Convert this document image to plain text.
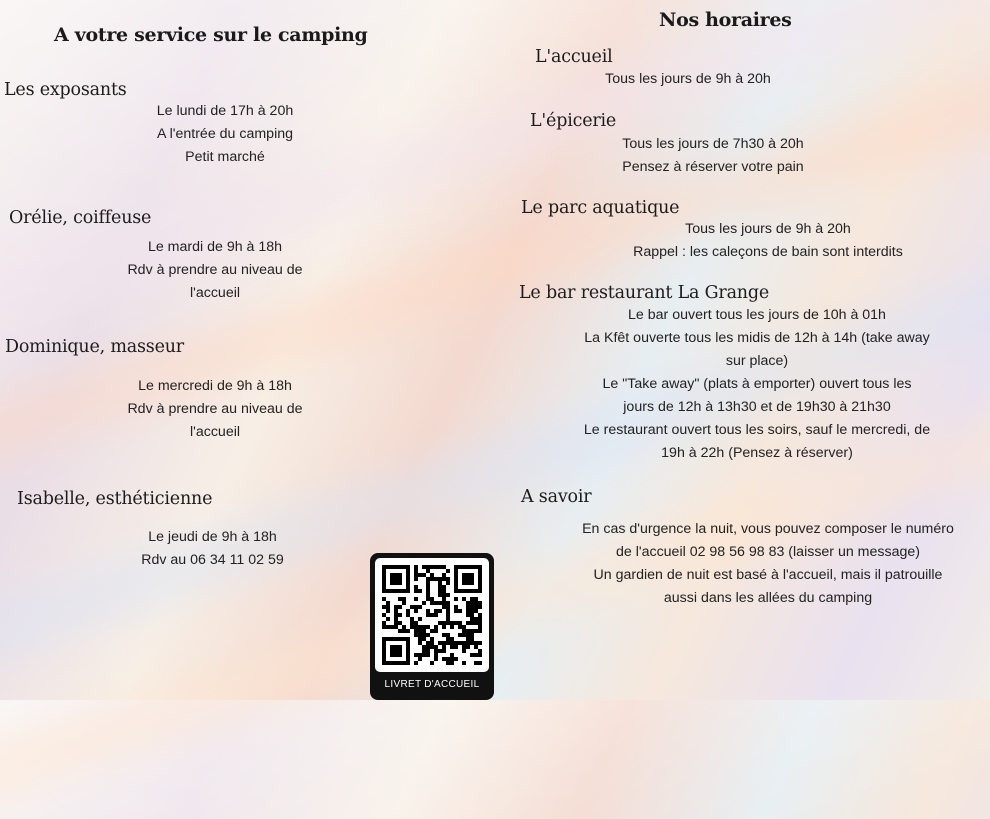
A votre service sur le camping
Les exposants
Le lundi de 17h à 20h
A l'entrée du camping
Petit marché
Orélie, coiffeuse
Le mardi de 9h à 18h
Rdv à prendre au niveau de
l'accueil
Dominique, masseur
Le mercredi de 9h à 18h
Rdv à prendre au niveau de
l'accueil
Isabelle, esthéticienne
Le jeudi de 9h à 18h
Rdv au 06 34 11 02 59
Nos horaires
L'accueil
Tous les jours de 9h à 20h
L'épicerie
Tous les jours de 7h30 à 20h
Pensez à réserver votre pain
Le parc aquatique
Tous les jours de 9h à 20h
Rappel : les caleçons de bain sont interdits
Le bar restaurant La Grange
Le bar ouvert tous les jours de 10h à 01h
La Kfêt ouverte tous les midis de 12h à 14h (take away
sur place)
Le "Take away" (plats à emporter) ouvert tous les
jours de 12h à 13h30 et de 19h30 à 21h30
Le restaurant ouvert tous les soirs, sauf le mercredi, de
19h à 22h (Pensez à réserver)
A savoir
En cas d'urgence la nuit, vous pouvez composer le numéro
de l'accueil 02 98 56 98 83 (laisser un message)
Un gardien de nuit est basé à l'accueil, mais il patrouille
aussi dans les allées du camping
LIVRET D'ACCUEIL
